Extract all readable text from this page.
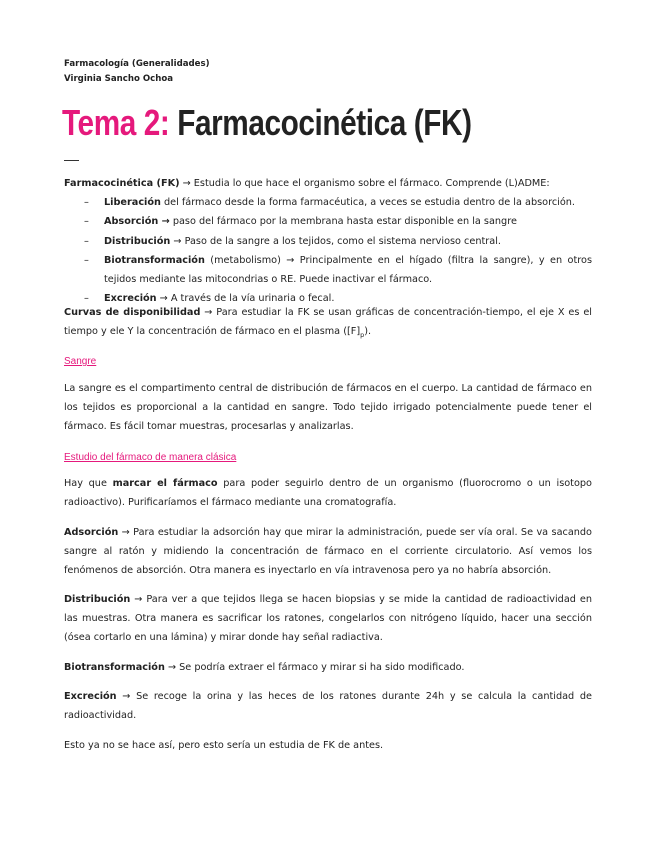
Farmacología (Generalidades)
Virginia Sancho Ochoa
Tema 2: Farmacocinética (FK)
Farmacocinética (FK) → Estudia lo que hace el organismo sobre el fármaco. Comprende (L)ADME:
– Liberación del fármaco desde la forma farmacéutica, a veces se estudia dentro de la absorción.
– Absorción → paso del fármaco por la membrana hasta estar disponible en la sangre
– Distribución → Paso de la sangre a los tejidos, como el sistema nervioso central.
– Biotransformación (metabolismo) → Principalmente en el hígado (filtra la sangre), y en otros tejidos mediante las mitocondrias o RE. Puede inactivar el fármaco.
– Excreción → A través de la vía urinaria o fecal.
Curvas de disponibilidad → Para estudiar la FK se usan gráficas de concentración-tiempo, el eje X es el tiempo y ele Y la concentración de fármaco en el plasma $([F]_p)$.
Sangre
La sangre es el compartimento central de distribución de fármacos en el cuerpo. La cantidad de fármaco en los tejidos es proporcional a la cantidad en sangre. Todo tejido irrigado potencialmente puede tener el fármaco. Es fácil tomar muestras, procesarlas y analizarlas.
Estudio del fármaco de manera clásica
Hay que marcar el fármaco para poder seguirlo dentro de un organismo (fluorocromo o un isotopo radioactivo). Purificaríamos el fármaco mediante una cromatografía.
Adsorción → Para estudiar la adsorción hay que mirar la administración, puede ser vía oral. Se va sacando sangre al ratón y midiendo la concentración de fármaco en el corriente circulatorio. Así vemos los fenómenos de absorción. Otra manera es inyectarlo en vía intravenosa pero ya no habría absorción.
Distribución → Para ver a que tejidos llega se hacen biopsias y se mide la cantidad de radioactividad en las muestras. Otra manera es sacrificar los ratones, congelarlos con nitrógeno líquido, hacer una sección (ósea cortarlo en una lámina) y mirar donde hay señal radiactiva.
Biotransformación → Se podría extraer el fármaco y mirar si ha sido modificado.
Excreción → Se recoge la orina y las heces de los ratones durante 24h y se calcula la cantidad de radioactividad.
Esto ya no se hace así, pero esto sería un estudia de FK de antes.
